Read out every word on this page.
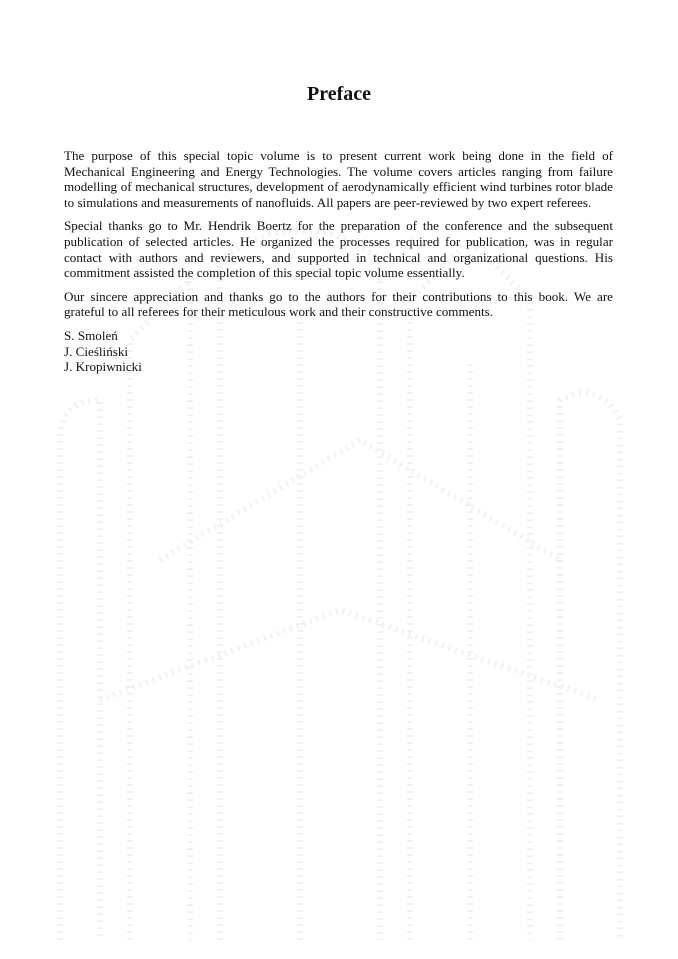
Preface

The purpose of this special topic volume is to present current work being done in the field of Mechanical Engineering and Energy Technologies. The volume covers articles ranging from failure modelling of mechanical structures, development of aerodynamically efficient wind turbines rotor blade to simulations and measurements of nanofluids. All papers are peer-reviewed by two expert referees.

Special thanks go to Mr. Hendrik Boertz for the preparation of the conference and the subsequent publication of selected articles. He organized the processes required for publication, was in regular contact with authors and reviewers, and supported in technical and organizational questions. His commitment assisted the completion of this special topic volume essentially.

Our sincere appreciation and thanks go to the authors for their contributions to this book. We are grateful to all referees for their meticulous work and their constructive comments.

S. Smoleń
J. Cieśliński
J. Kropiwnicki
